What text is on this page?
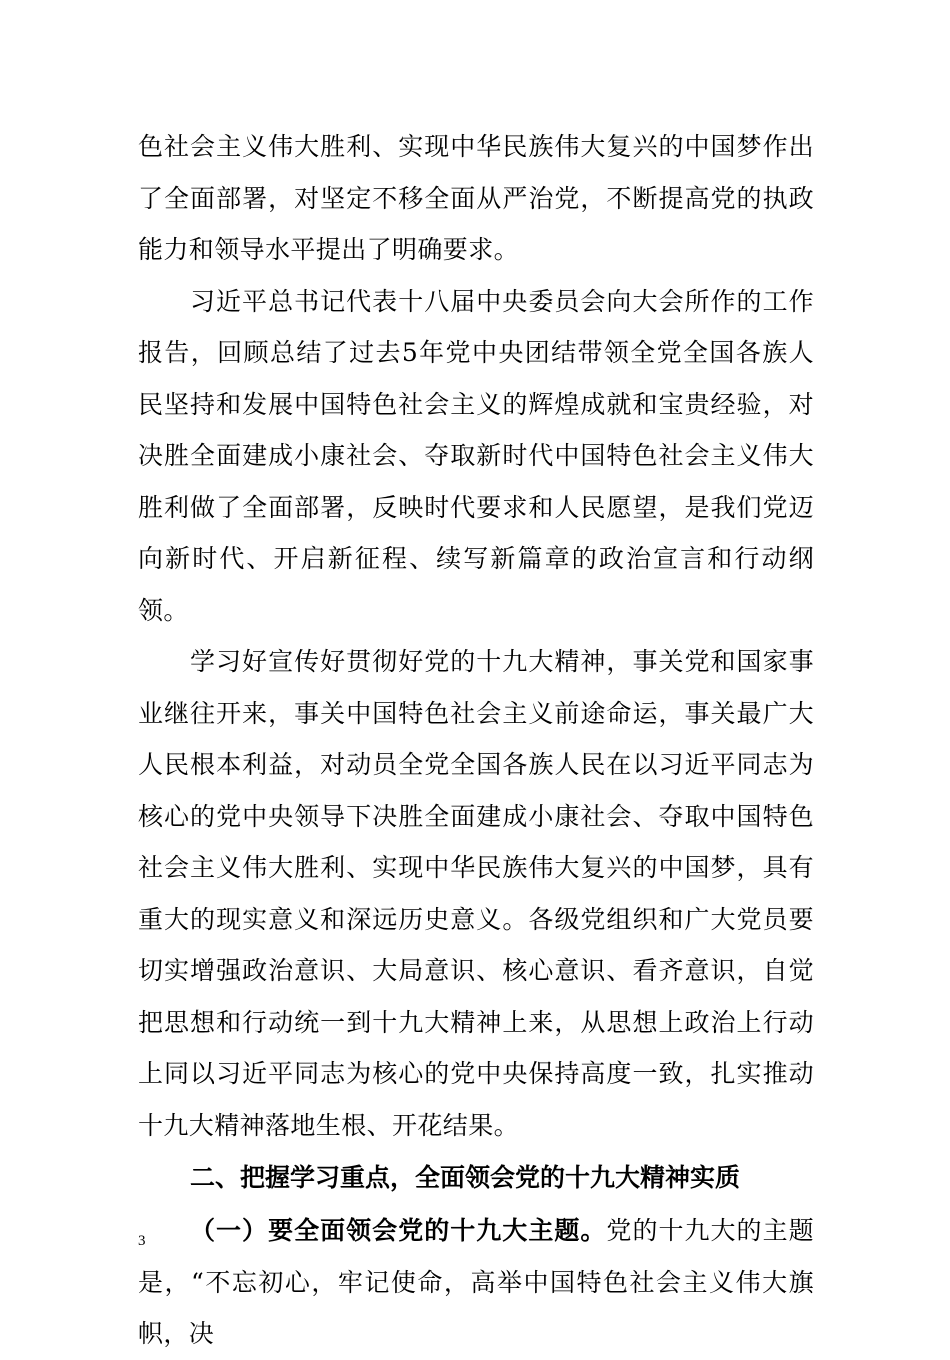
色社会主义伟大胜利、实现中华民族伟大复兴的中国梦作出了全面部署，对坚定不移全面从严治党，不断提高党的执政能力和领导水平提出了明确要求。

习近平总书记代表十八届中央委员会向大会所作的工作报告，回顾总结了过去5年党中央团结带领全党全国各族人民坚持和发展中国特色社会主义的辉煌成就和宝贵经验，对决胜全面建成小康社会、夺取新时代中国特色社会主义伟大胜利做了全面部署，反映时代要求和人民愿望，是我们党迈向新时代、开启新征程、续写新篇章的政治宣言和行动纲领。

学习好宣传好贯彻好党的十九大精神，事关党和国家事业继往开来，事关中国特色社会主义前途命运，事关最广大人民根本利益，对动员全党全国各族人民在以习近平同志为核心的党中央领导下决胜全面建成小康社会、夺取中国特色社会主义伟大胜利、实现中华民族伟大复兴的中国梦，具有重大的现实意义和深远历史意义。各级党组织和广大党员要切实增强政治意识、大局意识、核心意识、看齐意识，自觉把思想和行动统一到十九大精神上来，从思想上政治上行动上同以习近平同志为核心的党中央保持高度一致，扎实推动十九大精神落地生根、开花结果。

二、把握学习重点，全面领会党的十九大精神实质

（一）要全面领会党的十九大主题。党的十九大的主题是，“不忘初心，牢记使命，高举中国特色社会主义伟大旗帜，决

3
